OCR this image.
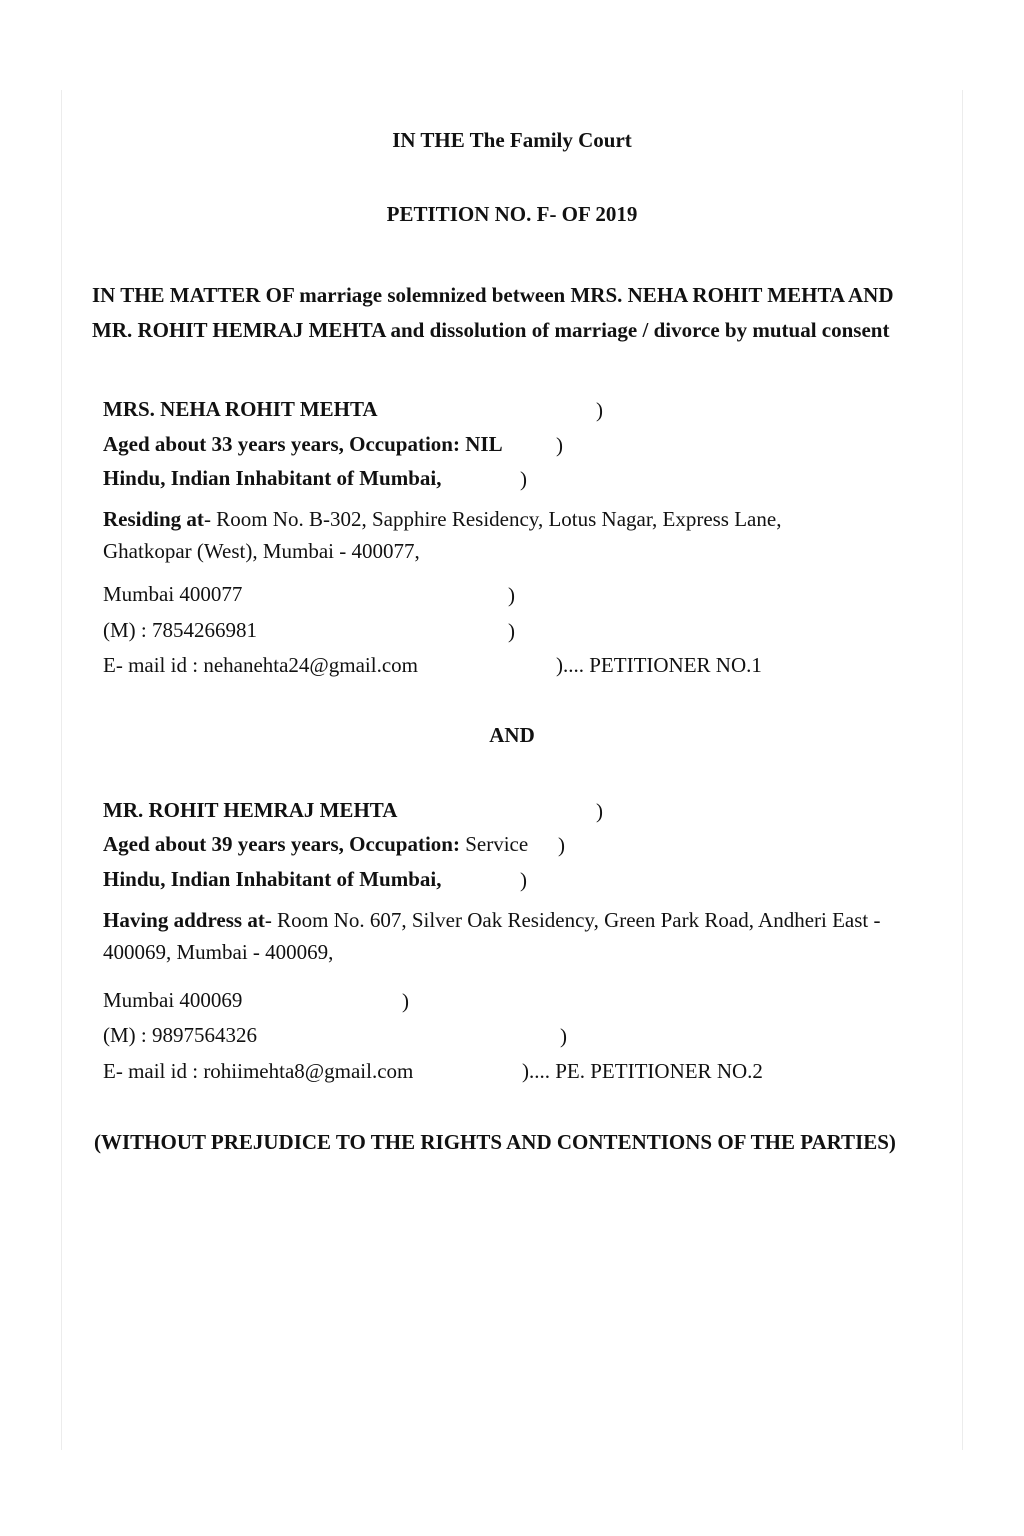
IN THE The Family Court
PETITION NO. F- OF 2019
IN THE MATTER OF marriage solemnized between MRS. NEHA ROHIT MEHTA AND
MR. ROHIT HEMRAJ MEHTA and dissolution of marriage / divorce by mutual consent
MRS. NEHA ROHIT MEHTA	)
Aged about 33 years years, Occupation: NIL	)
Hindu, Indian Inhabitant of Mumbai,	)
Residing at- Room No. B-302, Sapphire Residency, Lotus Nagar, Express Lane,
Ghatkopar (West), Mumbai - 400077,
Mumbai 400077	)
(M) : 7854266981	)
E- mail id : nehanehta24@gmail.com	).... PETITIONER NO.1
AND
MR. ROHIT HEMRAJ MEHTA	)
Aged about 39 years years, Occupation: Service )
Hindu, Indian Inhabitant of Mumbai,	)
Having address at- Room No. 607, Silver Oak Residency, Green Park Road, Andheri East -
400069, Mumbai - 400069,
Mumbai 400069	)
(M) : 9897564326	)
E- mail id : rohiimehta8@gmail.com	).... PE. PETITIONER NO.2
(WITHOUT PREJUDICE TO THE RIGHTS AND CONTENTIONS OF THE PARTIES)
